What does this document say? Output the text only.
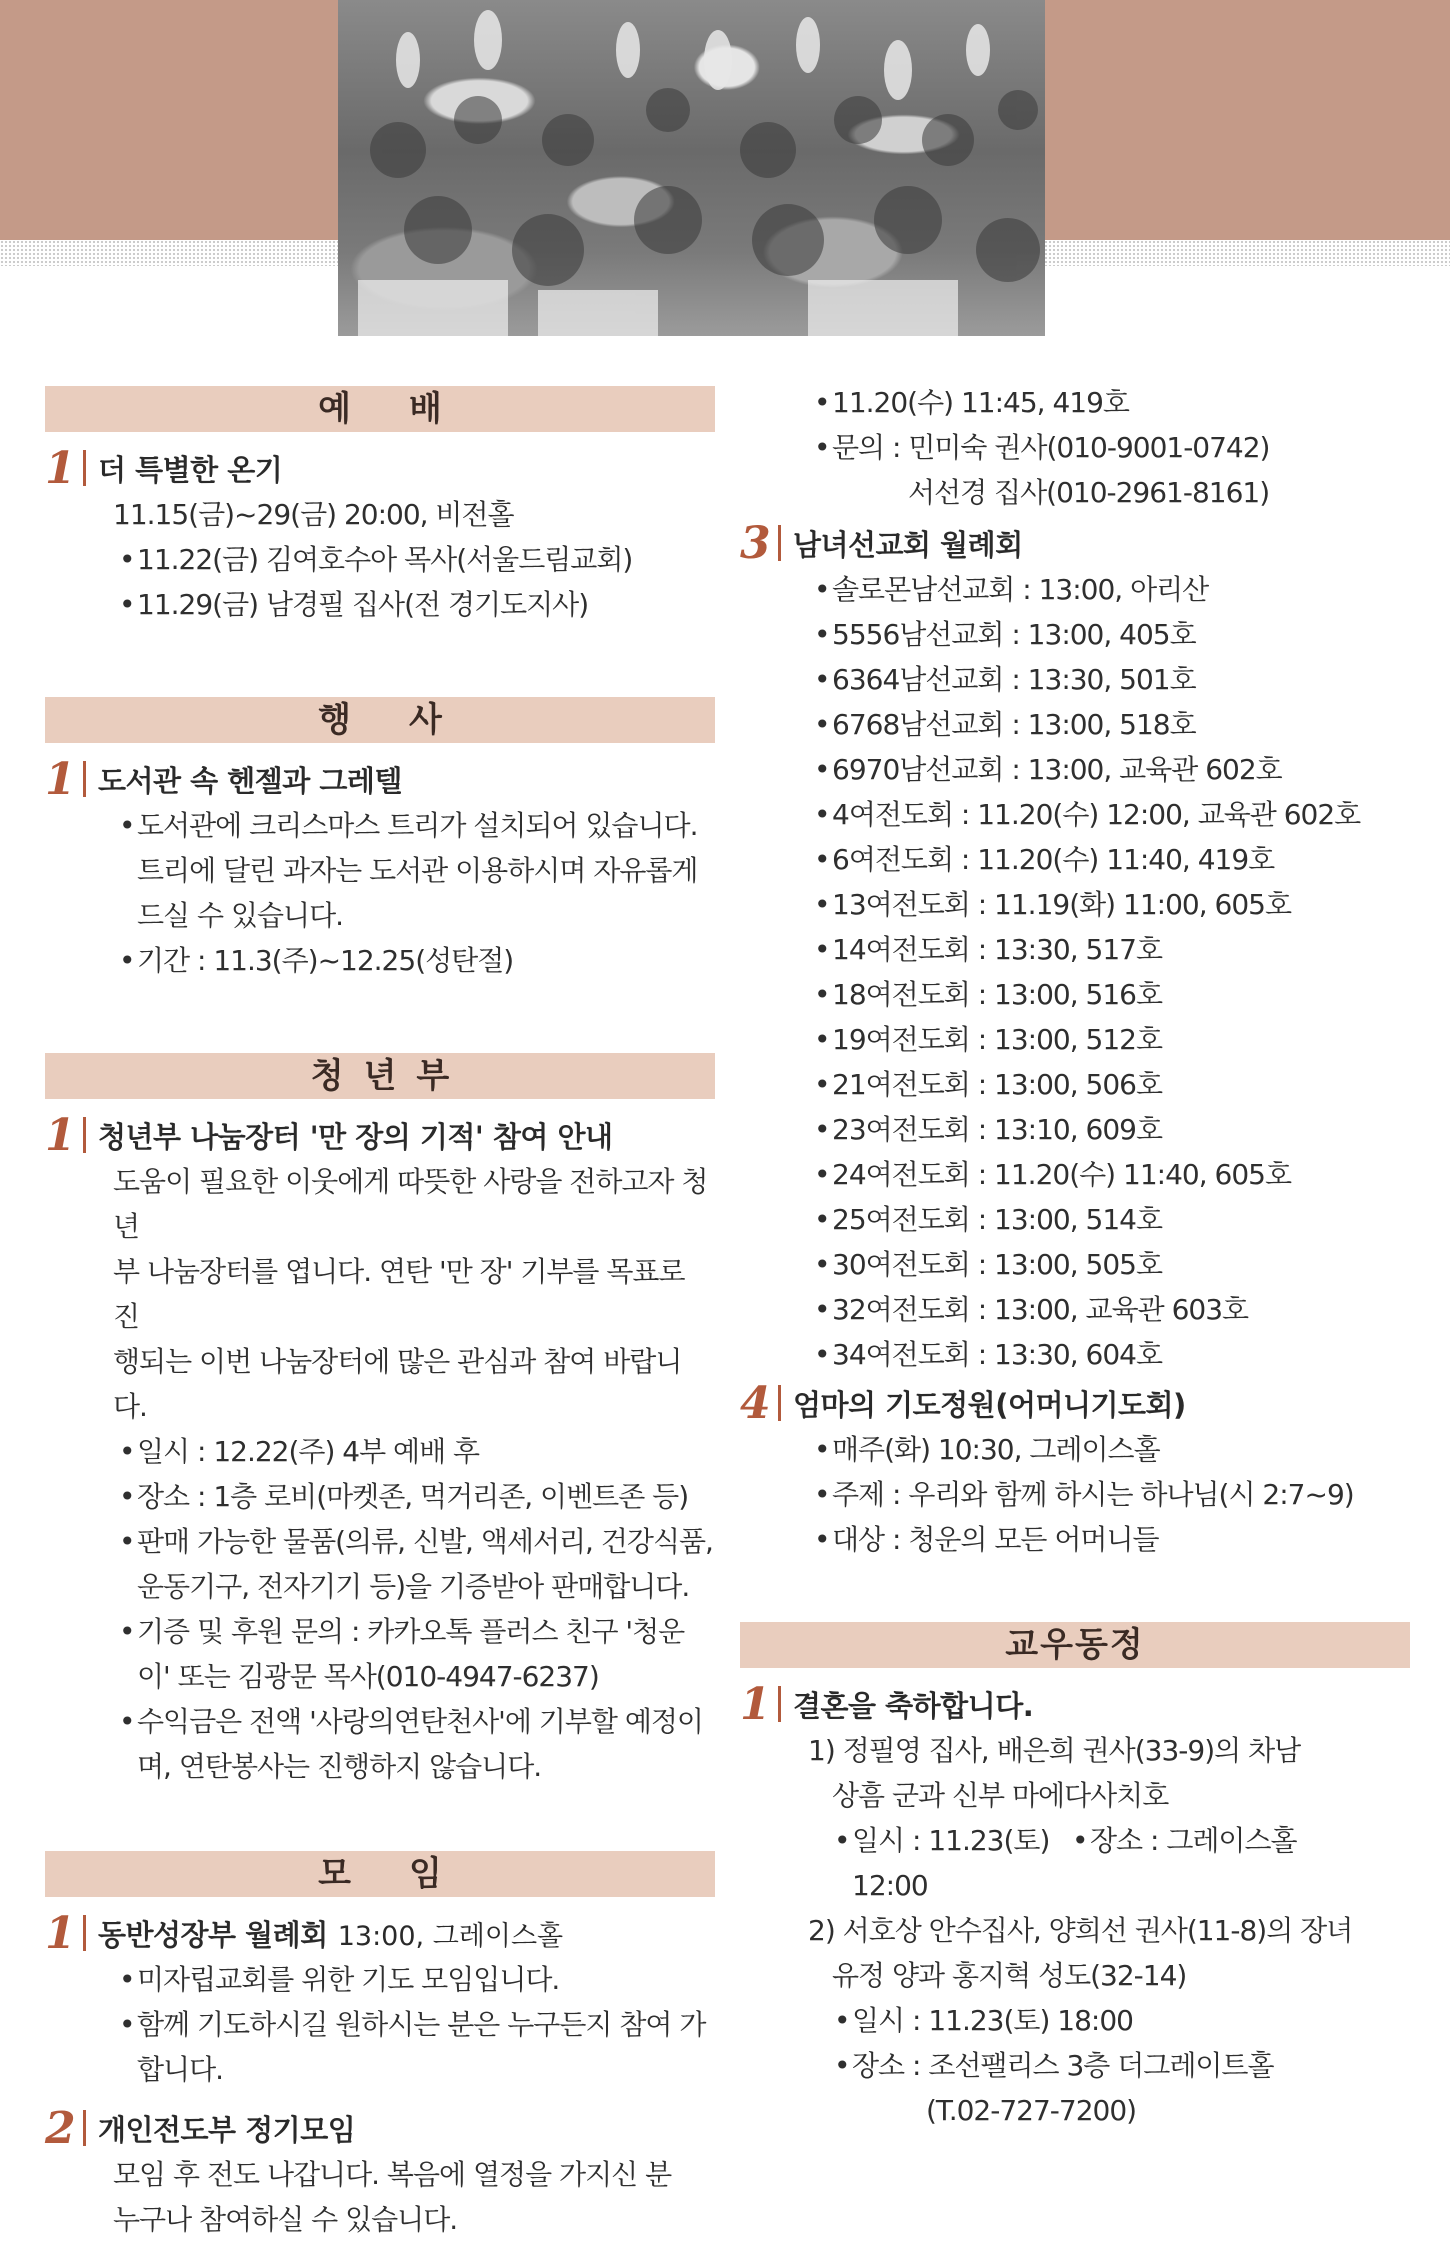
예배
1 더 특별한 온기
11.15(금)~29(금) 20:00, 비전홀
• 11.22(금) 김여호수아 목사(서울드림교회)
• 11.29(금) 남경필 집사(전 경기도지사)
행사
1 도서관 속 헨젤과 그레텔
• 도서관에 크리스마스 트리가 설치되어 있습니다.
트리에 달린 과자는 도서관 이용하시며 자유롭게
드실 수 있습니다.
• 기간 : 11.3(주)~12.25(성탄절)
청년부
1 청년부 나눔장터 '만 장의 기적' 참여 안내
도움이 필요한 이웃에게 따뜻한 사랑을 전하고자 청년
부 나눔장터를 엽니다. 연탄 '만 장' 기부를 목표로 진
행되는 이번 나눔장터에 많은 관심과 참여 바랍니다.
• 일시 : 12.22(주) 4부 예배 후
• 장소 : 1층 로비(마켓존, 먹거리존, 이벤트존 등)
• 판매 가능한 물품(의류, 신발, 액세서리, 건강식품,
운동기구, 전자기기 등)을 기증받아 판매합니다.
• 기증 및 후원 문의 : 카카오톡 플러스 친구 '청운
이' 또는 김광문 목사(010-4947-6237)
• 수익금은 전액 '사랑의연탄천사'에 기부할 예정이
며, 연탄봉사는 진행하지 않습니다.
모임
1 동반성장부 월례회 13:00, 그레이스홀
• 미자립교회를 위한 기도 모임입니다.
• 함께 기도하시길 원하시는 분은 누구든지 참여 가
합니다.
2 개인전도부 정기모임
모임 후 전도 나갑니다. 복음에 열정을 가지신 분
누구나 참여하실 수 있습니다.
• 11.20(수) 11:45, 419호
• 문의 : 민미숙 권사(010-9001-0742)
서선경 집사(010-2961-8161)
3 남녀선교회 월례회
• 솔로몬남선교회 : 13:00, 아리산
• 5556남선교회 : 13:00, 405호
• 6364남선교회 : 13:30, 501호
• 6768남선교회 : 13:00, 518호
• 6970남선교회 : 13:00, 교육관 602호
• 4여전도회 : 11.20(수) 12:00, 교육관 602호
• 6여전도회 : 11.20(수) 11:40, 419호
• 13여전도회 : 11.19(화) 11:00, 605호
• 14여전도회 : 13:30, 517호
• 18여전도회 : 13:00, 516호
• 19여전도회 : 13:00, 512호
• 21여전도회 : 13:00, 506호
• 23여전도회 : 13:10, 609호
• 24여전도회 : 11.20(수) 11:40, 605호
• 25여전도회 : 13:00, 514호
• 30여전도회 : 13:00, 505호
• 32여전도회 : 13:00, 교육관 603호
• 34여전도회 : 13:30, 604호
4 엄마의 기도정원(어머니기도회)
• 매주(화) 10:30, 그레이스홀
• 주제 : 우리와 함께 하시는 하나님(시 2:7~9)
• 대상 : 청운의 모든 어머니들
교우동정
1 결혼을 축하합니다.
1) 정필영 집사, 배은희 권사(33-9)의 차남
상흠 군과 신부 마에다사치호
• 일시 : 11.23(토) 12:00
• 장소 : 그레이스홀
2) 서호상 안수집사, 양희선 권사(11-8)의 장녀
유정 양과 홍지혁 성도(32-14)
• 일시 : 11.23(토) 18:00
• 장소 : 조선팰리스 3층 더그레이트홀
(T.02-727-7200)
